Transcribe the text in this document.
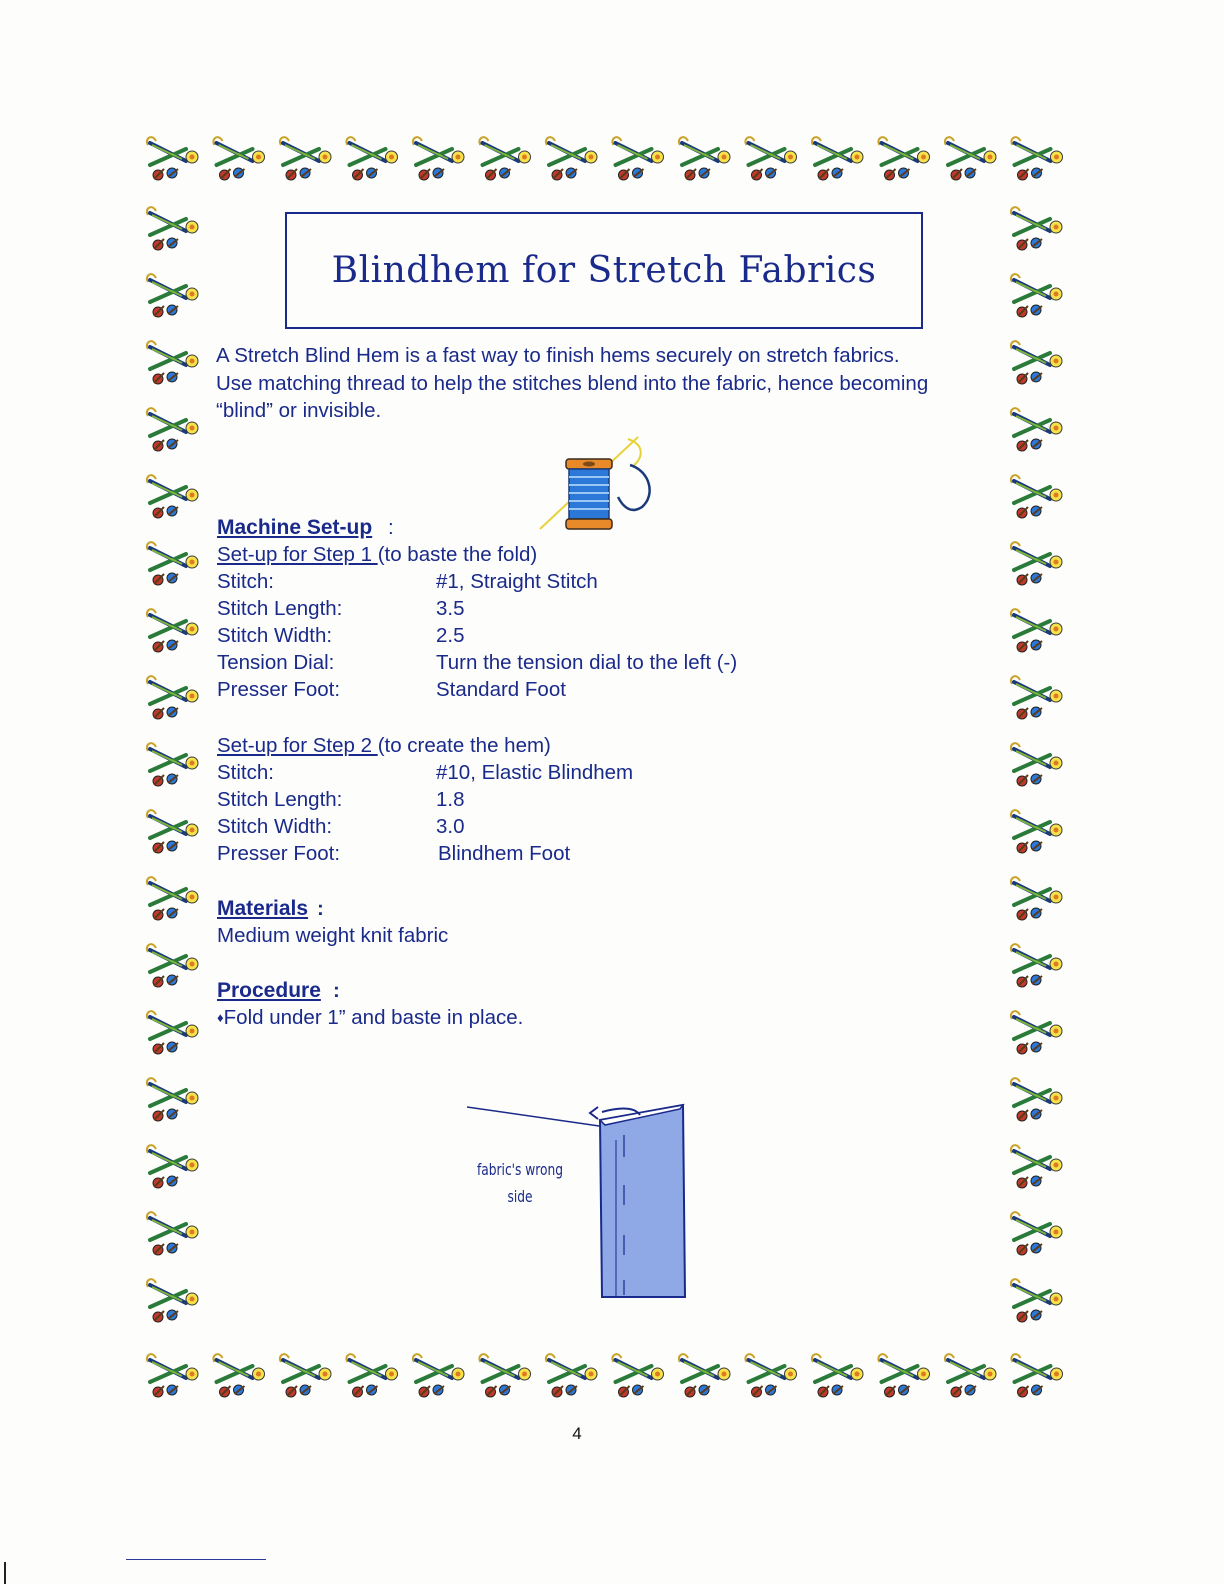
Blindhem for Stretch Fabrics

A Stretch Blind Hem is a fast way to finish hems securely on stretch fabrics. Use matching thread to help the stitches blend into the fabric, hence becoming “blind” or invisible.

Machine Set-up :
Set-up for Step 1 (to baste the fold)
Stitch:	#1, Straight Stitch
Stitch Length:	3.5
Stitch Width:	2.5
Tension Dial:	Turn the tension dial to the left (-)
Presser Foot:	Standard Foot
Set-up for Step 2 (to create the hem)
Stitch:	#10, Elastic Blindhem
Stitch Length:	1.8
Stitch Width:	3.0
Presser Foot:	Blindhem Foot
Materials :
Medium weight knit fabric
Procedure :
♦Fold under 1” and baste in place.
fabric's wrong side
4
